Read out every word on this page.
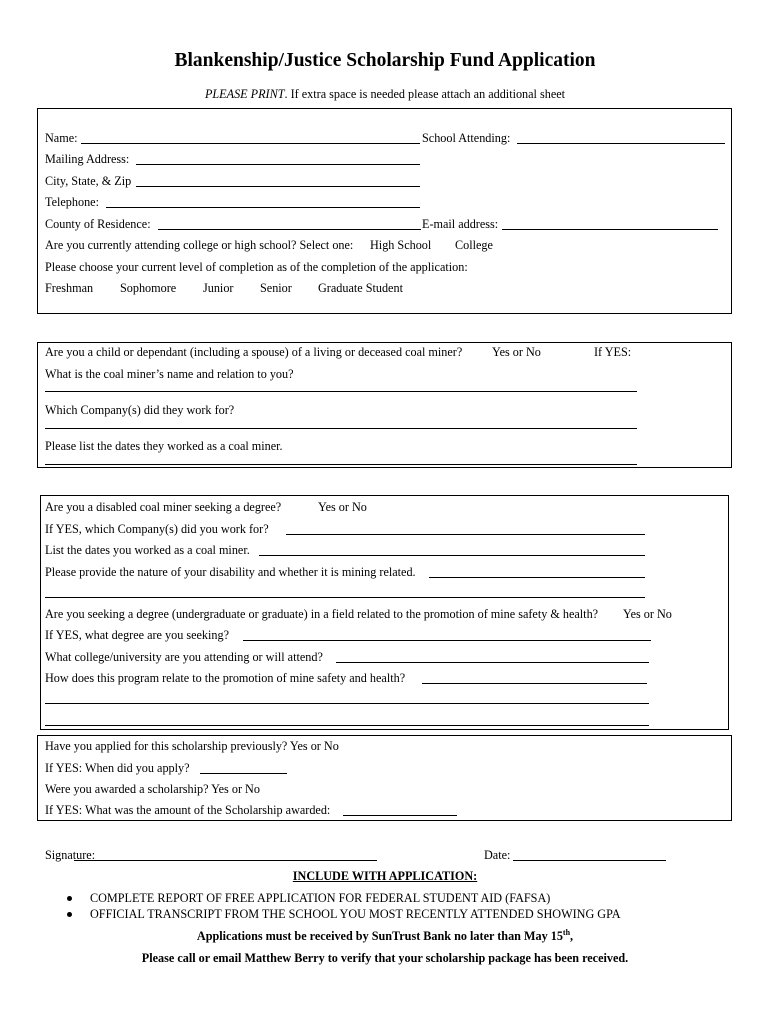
Blankenship/Justice Scholarship Fund Application
PLEASE PRINT. If extra space is needed please attach an additional sheet
Name:	School Attending:
Mailing Address:
City, State, & Zip
Telephone:
County of Residence:	E-mail address:
Are you currently attending college or high school? Select one: High School College
Please choose your current level of completion as of the completion of the application:
Freshman Sophomore Junior Senior Graduate Student
Are you a child or dependant (including a spouse) of a living or deceased coal miner? Yes or No	If YES:
What is the coal miner’s name and relation to you?
Which Company(s) did they work for?
Please list the dates they worked as a coal miner.
Are you a disabled coal miner seeking a degree?	Yes or No
If YES, which Company(s) did you work for?
List the dates you worked as a coal miner.
Please provide the nature of your disability and whether it is mining related.
Are you seeking a degree (undergraduate or graduate) in a field related to the promotion of mine safety & health? Yes or No
If YES, what degree are you seeking?
What college/university are you attending or will attend?
How does this program relate to the promotion of mine safety and health?
Have you applied for this scholarship previously? Yes or No
If YES: When did you apply?
Were you awarded a scholarship? Yes or No
If YES: What was the amount of the Scholarship awarded:
Signature:	Date:
INCLUDE WITH APPLICATION:
COMPLETE REPORT OF FREE APPLICATION FOR FEDERAL STUDENT AID (FAFSA)
OFFICIAL TRANSCRIPT FROM THE SCHOOL YOU MOST RECENTLY ATTENDED SHOWING GPA
Applications must be received by SunTrust Bank no later than May 15th,
Please call or email Matthew Berry to verify that your scholarship package has been received.
